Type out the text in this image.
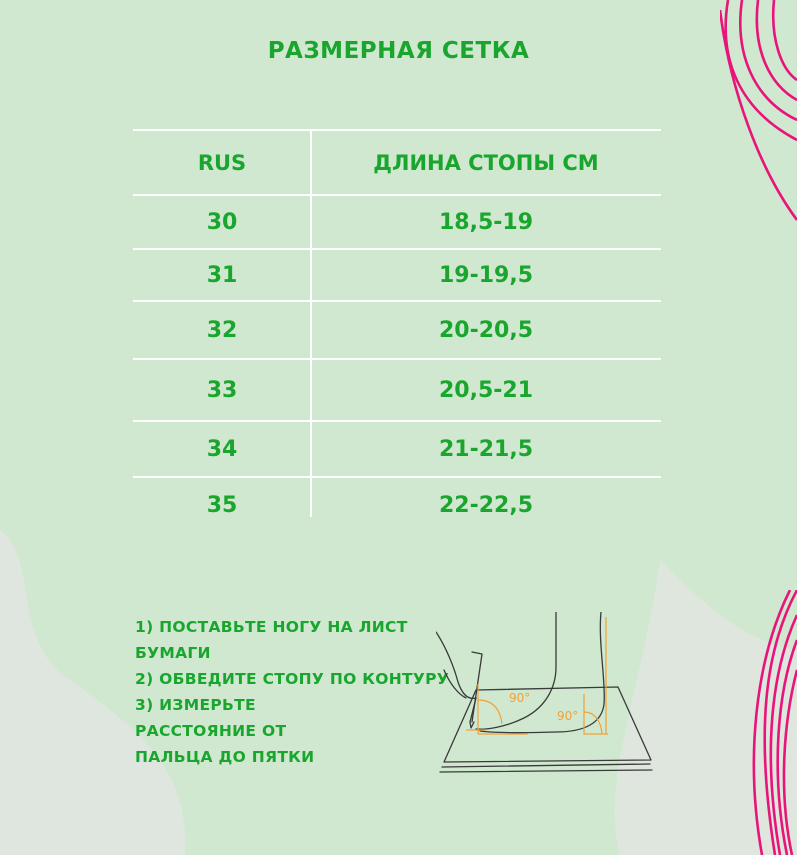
РАЗМЕРНАЯ СЕТКА
RUS	ДЛИНА СТОПЫ СМ
30	18,5-19
31	19-19,5
32	20-20,5
33	20,5-21
34	21-21,5
35	22-22,5
1) ПОСТАВЬТЕ НОГУ НА ЛИСТ
БУМАГИ
2) ОБВЕДИТЕ СТОПУ ПО КОНТУРУ
3) ИЗМЕРЬТЕ
РАССТОЯНИЕ ОТ
ПАЛЬЦА ДО ПЯТКИ
90°
90°
